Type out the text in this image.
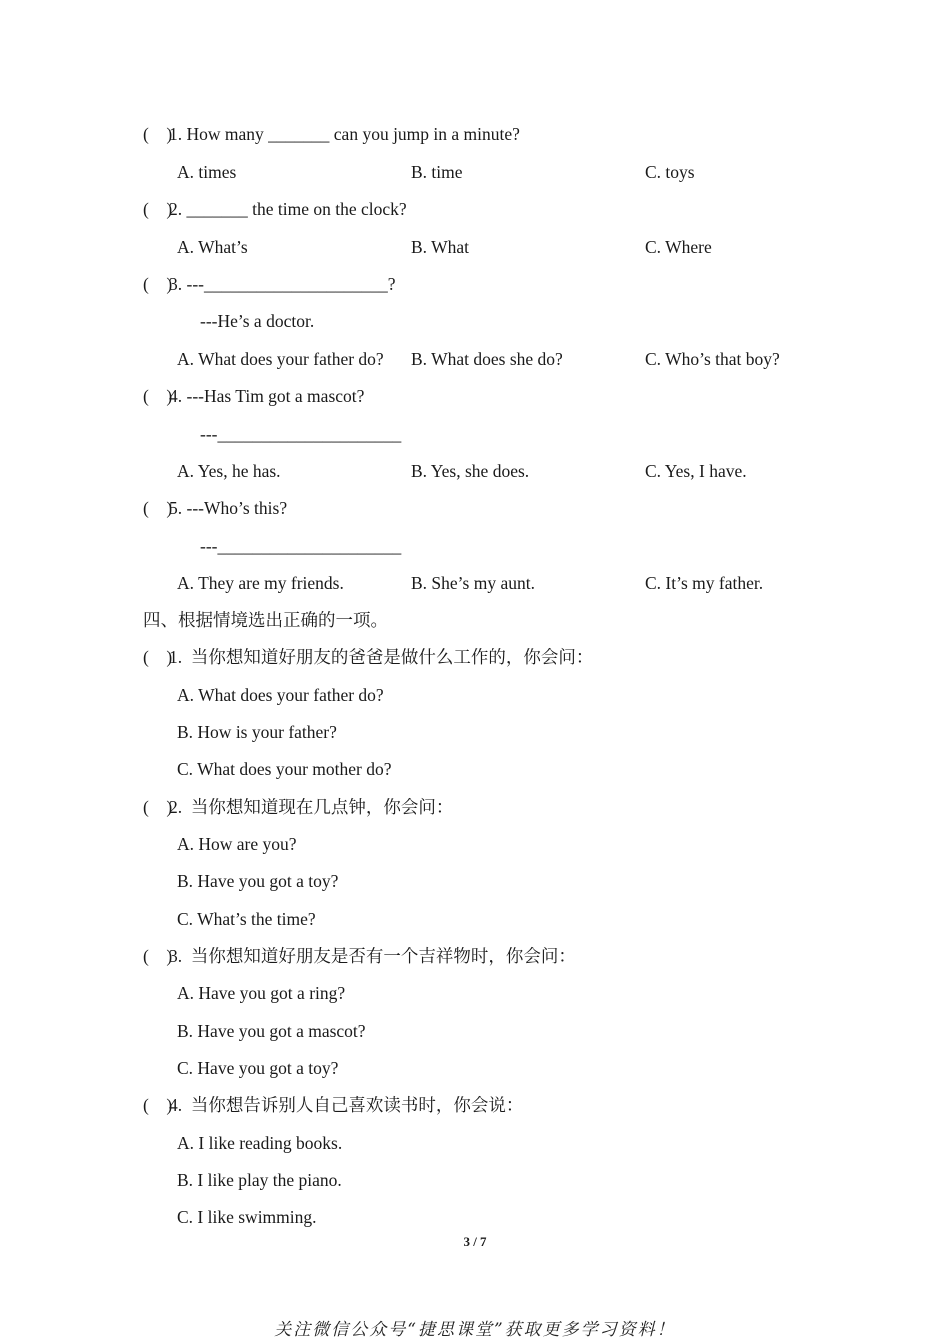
(    )
1. How many _______ can you jump in a minute?
A. times	B. time	C. toys
(    )
2. _______ the time on the clock?
A. What’s	B. What	C. Where
(    )
3. ---_____________________?
---He’s a doctor.
A. What does your father do? B. What does she do?	C. Who’s that boy?
(    )
4. ---Has Tim got a mascot?
---_____________________
A. Yes, he has.	B. Yes, she does.	C. Yes, I have.
(    )
5. ---Who’s this?
---_____________________
A. They are my friends.	B. She’s my aunt.	C. It’s my father.
四、根据情境选出正确的一项。
(    )
1.  当你想知道好朋友的爸爸是做什么工作的，你会问：
A. What does your father do?
B. How is your father?
C. What does your mother do?
(    )
2.  当你想知道现在几点钟，你会问：
A. How are you?
B. Have you got a toy?
C. What’s the time?
(    )
3.  当你想知道好朋友是否有一个吉祥物时，你会问：
A. Have you got a ring?
B. Have you got a mascot?
C. Have you got a toy?
(    )
4.  当你想告诉别人自己喜欢读书时，你会说：
A. I like reading books.
B. I like play the piano.
C. I like swimming.
3 / 7
关注微信公众号“捷思课堂”获取更多学习资料！
